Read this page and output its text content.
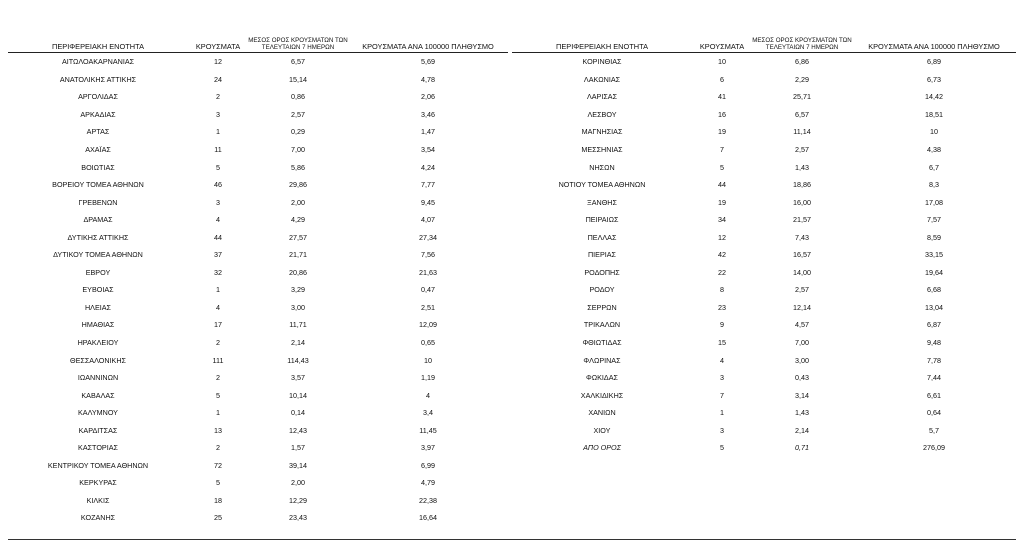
ΠΕΡΙΦΕΡΕΙΑΚΗ ΕΝΟΤΗΤΑ	ΚΡΟΥΣΜΑΤΑ	ΜΕΣΟΣ ΟΡΟΣ ΚΡΟΥΣΜΑΤΩΝ ΤΩΝ
ΤΕΛΕΥΤΑΙΩΝ 7 ΗΜΕΡΩΝ	ΚΡΟΥΣΜΑΤΑ ΑΝΑ 100000 ΠΛΗΘΥΣΜΟ
ΑΙΤΩΛΟΑΚΑΡΝΑΝΙΑΣ	12	6,57	5,69
ΑΝΑΤΟΛΙΚΗΣ ΑΤΤΙΚΗΣ	24	15,14	4,78
ΑΡΓΟΛΙΔΑΣ	2	0,86	2,06
ΑΡΚΑΔΙΑΣ	3	2,57	3,46
ΑΡΤΑΣ	1	0,29	1,47
ΑΧΑΪΑΣ	11	7,00	3,54
ΒΟΙΩΤΙΑΣ	5	5,86	4,24
ΒΟΡΕΙΟΥ ΤΟΜΕΑ ΑΘΗΝΩΝ	46	29,86	7,77
ΓΡΕΒΕΝΩΝ	3	2,00	9,45
ΔΡΑΜΑΣ	4	4,29	4,07
ΔΥΤΙΚΗΣ ΑΤΤΙΚΗΣ	44	27,57	27,34
ΔΥΤΙΚΟΥ ΤΟΜΕΑ ΑΘΗΝΩΝ	37	21,71	7,56
ΕΒΡΟΥ	32	20,86	21,63
ΕΥΒΟΙΑΣ	1	3,29	0,47
ΗΛΕΙΑΣ	4	3,00	2,51
ΗΜΑΘΙΑΣ	17	11,71	12,09
ΗΡΑΚΛΕΙΟΥ	2	2,14	0,65
ΘΕΣΣΑΛΟΝΙΚΗΣ	111	114,43	10
ΙΩΑΝΝΙΝΩΝ	2	3,57	1,19
ΚΑΒΑΛΑΣ	5	10,14	4
ΚΑΛΥΜΝΟΥ	1	0,14	3,4
ΚΑΡΔΙΤΣΑΣ	13	12,43	11,45
ΚΑΣΤΟΡΙΑΣ	2	1,57	3,97
ΚΕΝΤΡΙΚΟΥ ΤΟΜΕΑ ΑΘΗΝΩΝ	72	39,14	6,99
ΚΕΡΚΥΡΑΣ	5	2,00	4,79
ΚΙΛΚΙΣ	18	12,29	22,38
ΚΟΖΑΝΗΣ	25	23,43	16,64
ΠΕΡΙΦΕΡΕΙΑΚΗ ΕΝΟΤΗΤΑ	ΚΡΟΥΣΜΑΤΑ	ΜΕΣΟΣ ΟΡΟΣ ΚΡΟΥΣΜΑΤΩΝ ΤΩΝ
ΤΕΛΕΥΤΑΙΩΝ 7 ΗΜΕΡΩΝ	ΚΡΟΥΣΜΑΤΑ ΑΝΑ 100000 ΠΛΗΘΥΣΜΟ
ΚΟΡΙΝΘΙΑΣ	10	6,86	6,89
ΛΑΚΩΝΙΑΣ	6	2,29	6,73
ΛΑΡΙΣΑΣ	41	25,71	14,42
ΛΕΣΒΟΥ	16	6,57	18,51
ΜΑΓΝΗΣΙΑΣ	19	11,14	10
ΜΕΣΣΗΝΙΑΣ	7	2,57	4,38
ΝΗΣΩΝ	5	1,43	6,7
ΝΟΤΙΟΥ ΤΟΜΕΑ ΑΘΗΝΩΝ	44	18,86	8,3
ΞΑΝΘΗΣ	19	16,00	17,08
ΠΕΙΡΑΙΩΣ	34	21,57	7,57
ΠΕΛΛΑΣ	12	7,43	8,59
ΠΙΕΡΙΑΣ	42	16,57	33,15
ΡΟΔΟΠΗΣ	22	14,00	19,64
ΡΟΔΟΥ	8	2,57	6,68
ΣΕΡΡΩΝ	23	12,14	13,04
ΤΡΙΚΑΛΩΝ	9	4,57	6,87
ΦΘΙΩΤΙΔΑΣ	15	7,00	9,48
ΦΛΩΡΙΝΑΣ	4	3,00	7,78
ΦΩΚΙΔΑΣ	3	0,43	7,44
ΧΑΛΚΙΔΙΚΗΣ	7	3,14	6,61
ΧΑΝΙΩΝ	1	1,43	0,64
ΧΙΟΥ	3	2,14	5,7
ΑΠΟ ΟΡΟΣ	5	0,71	276,09
